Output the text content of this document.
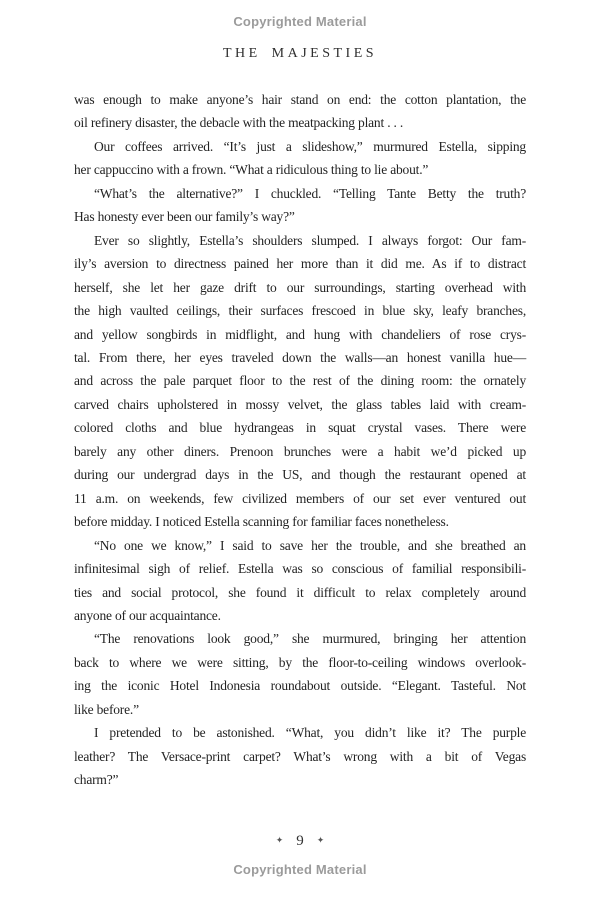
Copyrighted Material
THE MAJESTIES
was enough to make anyone’s hair stand on end: the cotton plantation, the
oil refinery disaster, the debacle with the meatpacking plant . . .
Our coffees arrived. “It’s just a slideshow,” murmured Estella, sipping
her cappuccino with a frown. “What a ridiculous thing to lie about.”
“What’s the alternative?” I chuckled. “Telling Tante Betty the truth?
Has honesty ever been our family’s way?”
Ever so slightly, Estella’s shoulders slumped. I always forgot: Our fam-
ily’s aversion to directness pained her more than it did me. As if to distract
herself, she let her gaze drift to our surroundings, starting overhead with
the high vaulted ceilings, their surfaces frescoed in blue sky, leafy branches,
and yellow songbirds in midflight, and hung with chandeliers of rose crys-
tal. From there, her eyes traveled down the walls—an honest vanilla hue—
and across the pale parquet floor to the rest of the dining room: the ornately
carved chairs upholstered in mossy velvet, the glass tables laid with cream-
colored cloths and blue hydrangeas in squat crystal vases. There were
barely any other diners. Prenoon brunches were a habit we’d picked up
during our undergrad days in the US, and though the restaurant opened at
11 a.m. on weekends, few civilized members of our set ever ventured out
before midday. I noticed Estella scanning for familiar faces nonetheless.
“No one we know,” I said to save her the trouble, and she breathed an
infinitesimal sigh of relief. Estella was so conscious of familial responsibili-
ties and social protocol, she found it difficult to relax completely around
anyone of our acquaintance.
“The renovations look good,” she murmured, bringing her attention
back to where we were sitting, by the floor-to-ceiling windows overlook-
ing the iconic Hotel Indonesia roundabout outside. “Elegant. Tasteful. Not
like before.”
I pretended to be astonished. “What, you didn’t like it? The purple
leather? The Versace-print carpet? What’s wrong with a bit of Vegas
charm?”
✦ 9 ✦
Copyrighted Material
